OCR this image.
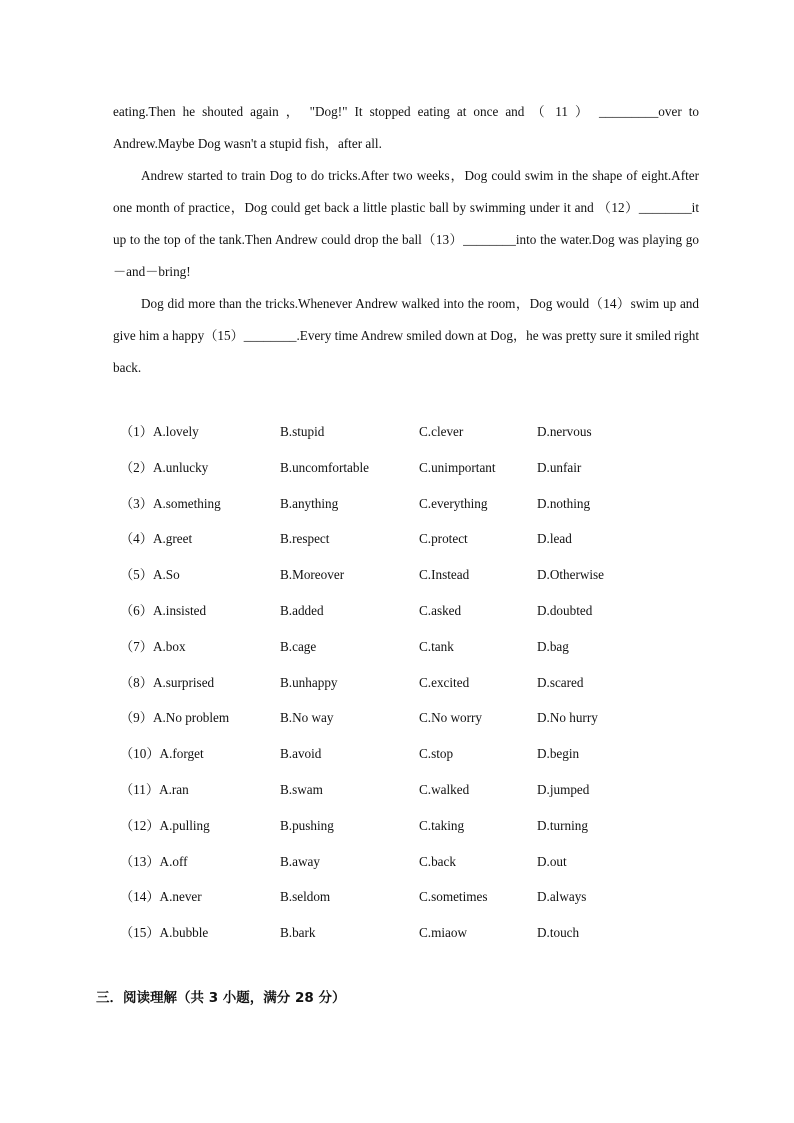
eating.Then he shouted again ， "Dog!" It stopped eating at once and （ 11 ） _________over to Andrew.Maybe Dog wasn't a stupid fish，after all.

Andrew started to train Dog to do tricks.After two weeks，Dog could swim in the shape of eight.After one month of practice，Dog could get back a little plastic ball by swimming under it and （12）________it up to the top of the tank.Then Andrew could drop the ball（13）________into the water.Dog was playing go－and－bring!

Dog did more than the tricks.Whenever Andrew walked into the room，Dog would（14）swim up and give him a happy（15）________.Every time Andrew smiled down at Dog，he was pretty sure it smiled right back.

（1）A.lovely	B.stupid	C.clever	D.nervous
（2）A.unlucky	B.uncomfortable	C.unimportant	D.unfair
（3）A.something	B.anything	C.everything	D.nothing
（4）A.greet	B.respect	C.protect	D.lead
（5）A.So	B.Moreover	C.Instead	D.Otherwise
（6）A.insisted	B.added	C.asked	D.doubted
（7）A.box	B.cage	C.tank	D.bag
（8）A.surprised	B.unhappy	C.excited	D.scared
（9）A.No problem	B.No way	C.No worry	D.No hurry
（10）A.forget	B.avoid	C.stop	D.begin
（11）A.ran	B.swam	C.walked	D.jumped
（12）A.pulling	B.pushing	C.taking	D.turning
（13）A.off	B.away	C.back	D.out
（14）A.never	B.seldom	C.sometimes	D.always
（15）A.bubble	B.bark	C.miaow	D.touch
三．阅读理解（共 3 小题，满分 28 分）
